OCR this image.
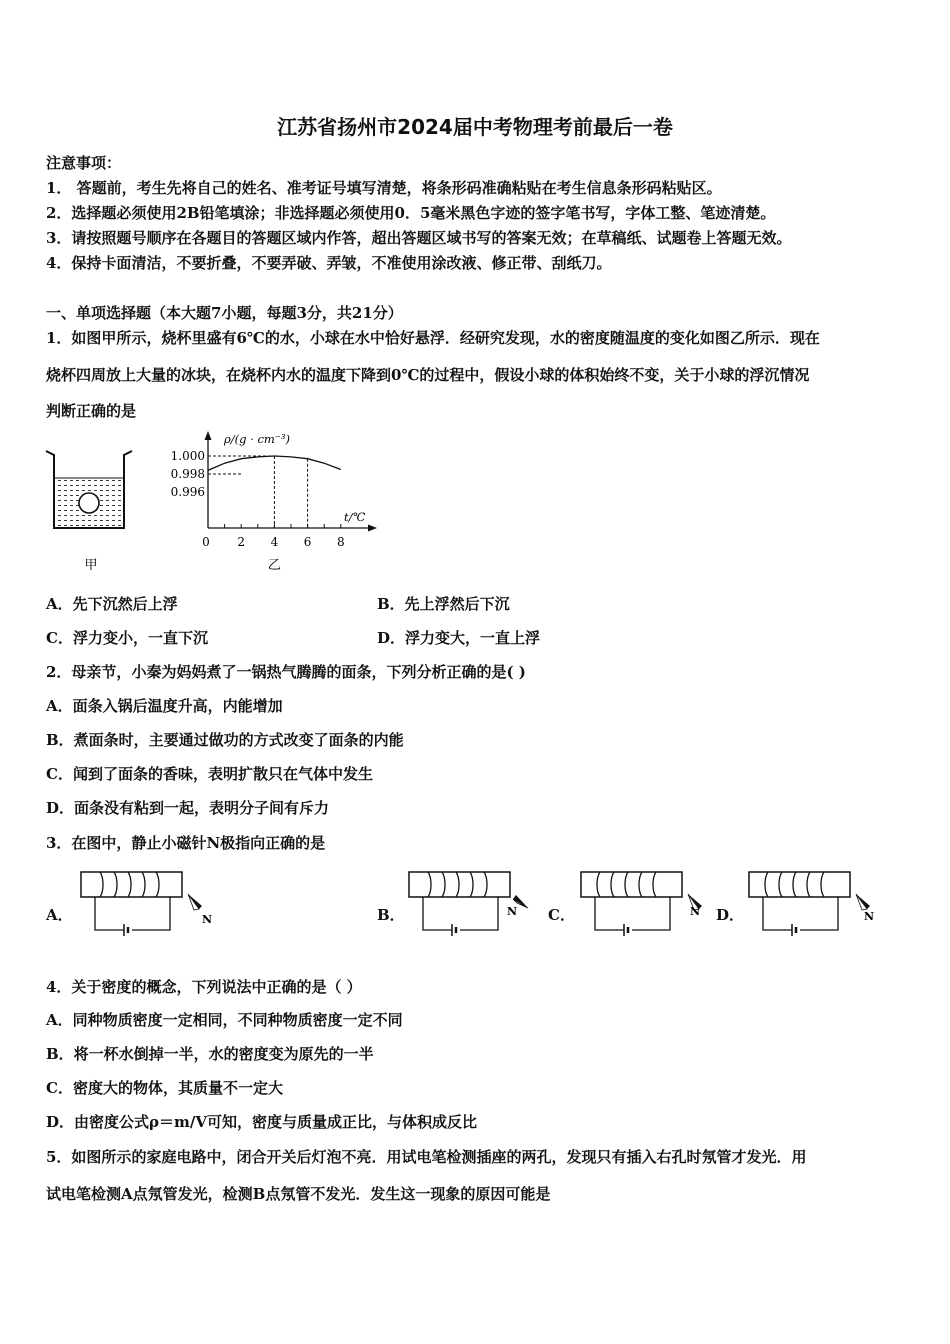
江苏省扬州市2024届中考物理考前最后一卷
注意事项：
1． 答题前，考生先将自己的姓名、准考证号填写清楚，将条形码准确粘贴在考生信息条形码粘贴区。
2．选择题必须使用2B铅笔填涂；非选择题必须使用0．5毫米黑色字迹的签字笔书写，字体工整、笔迹清楚。
3．请按照题号顺序在各题目的答题区域内作答，超出答题区域书写的答案无效；在草稿纸、试题卷上答题无效。
4．保持卡面清洁，不要折叠，不要弄破、弄皱，不准使用涂改液、修正带、刮纸刀。
一、单项选择题（本大题7小题，每题3分，共21分）
1．如图甲所示，烧杯里盛有6℃的水，小球在水中恰好悬浮．经研究发现，水的密度随温度的变化如图乙所示．现在
烧杯四周放上大量的冰块，在烧杯内水的温度下降到0℃的过程中，假设小球的体积始终不变，关于小球的浮沉情况
判断正确的是
甲
ρ/(g · cm⁻³)
t/℃
0 2 4 6 8
1.000
0.998
0.996
乙
A．先下沉然后上浮	B．先上浮然后下沉
C．浮力变小，一直下沉	D．浮力变大，一直上浮
2．母亲节，小秦为妈妈煮了一锅热气腾腾的面条，下列分析正确的是( )
A．面条入锅后温度升高，内能增加
B．煮面条时，主要通过做功的方式改变了面条的内能
C．闻到了面条的香味，表明扩散只在气体中发生
D．面条没有粘到一起，表明分子间有斥力
3．在图中，静止小磁针N极指向正确的是
A．	B．	C．	D．
N
N	N	N
4．关于密度的概念，下列说法中正确的是（ ）
A．同种物质密度一定相同，不同种物质密度一定不同
B．将一杯水倒掉一半，水的密度变为原先的一半
C．密度大的物体，其质量不一定大
D．由密度公式ρ＝m/V可知，密度与质量成正比，与体积成反比
5．如图所示的家庭电路中，闭合开关后灯泡不亮．用试电笔检测插座的两孔，发现只有插入右孔时氖管才发光．用
试电笔检测A点氖管发光，检测B点氖管不发光．发生这一现象的原因可能是
